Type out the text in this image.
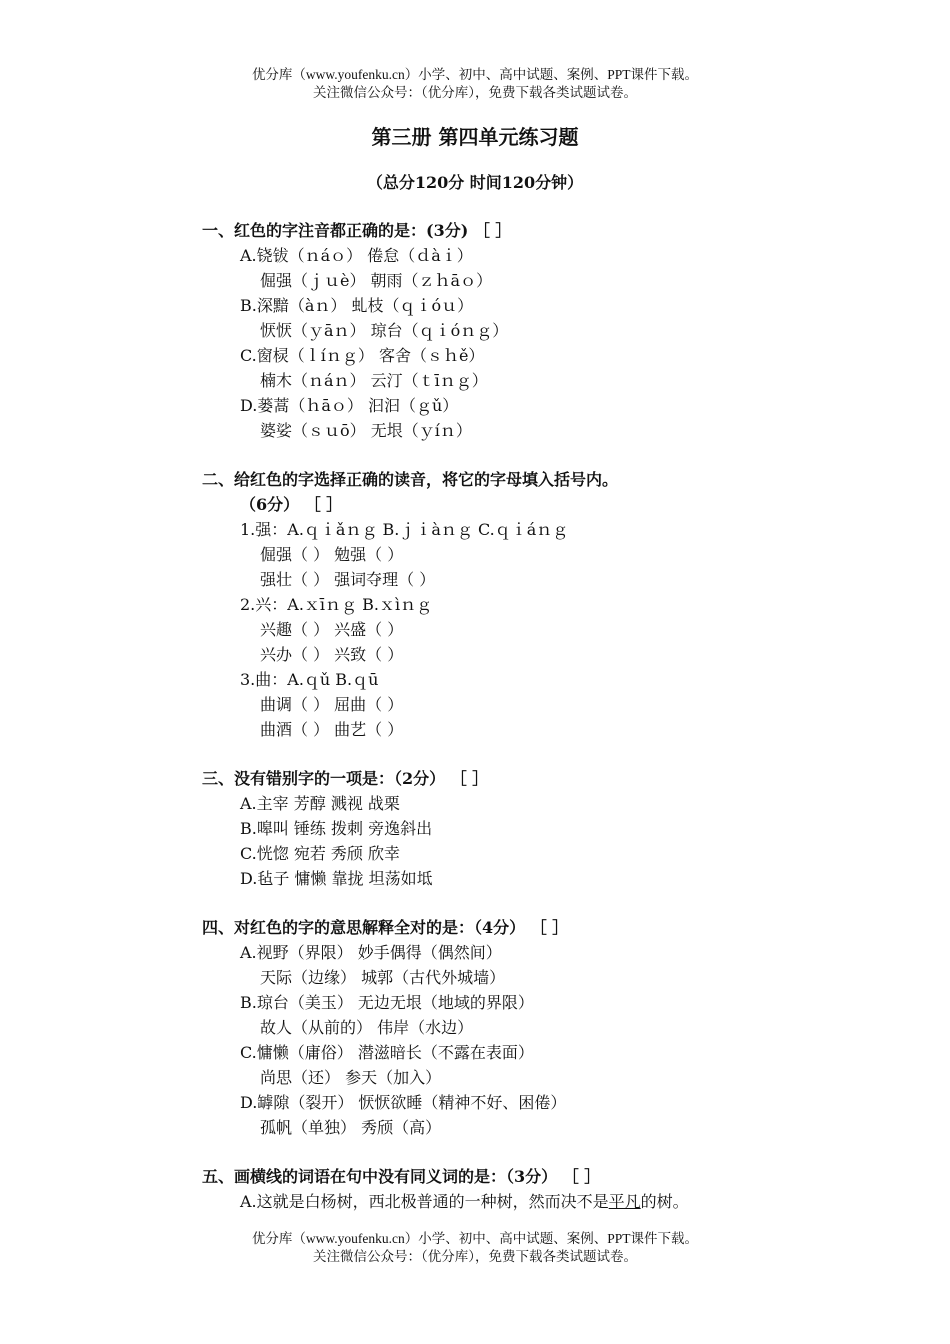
优分库（www.youfenku.cn）小学、初中、高中试题、案例、PPT课件下载。
关注微信公众号：（优分库），免费下载各类试题试卷。
第三册 第四单元练习题
（总分120分 时间120分钟）
一、红色的字注音都正确的是：(3分) ［ ］
A.铙钹（ｎáｏ） 倦怠（ｄàｉ）
倔强（ｊｕè） 朝雨（ｚｈāｏ）
B.深黯（àｎ） 虬枝（ｑｉóｕ）
恹恹（ｙāｎ） 琼台（ｑｉóｎｇ）
C.窗棂（ｌíｎｇ） 客舍（ｓｈě）
楠木（ｎáｎ） 云汀（ｔīｎｇ）
D.蒌蒿（ｈāｏ） 汩汩（ｇǔ）
婆娑（ｓｕō） 无垠（ｙíｎ）
二、给红色的字选择正确的读音，将它的字母填入括号内。
（6分） ［ ］
1.强：A.ｑｉǎｎｇ B.ｊｉàｎｇ C.ｑｉáｎｇ
倔强（ ） 勉强（ ）
强壮（ ） 强词夺理（ ）
2.兴：A.ｘīｎｇ B.ｘìｎｇ
兴趣（ ） 兴盛（ ）
兴办（ ） 兴致（ ）
3.曲：A.ｑǔ B.ｑū
曲调（ ） 屈曲（ ）
曲酒（ ） 曲艺（ ）
三、没有错别字的一项是：（2分） ［ ］
A.主宰 芳醇 溅视 战栗
B.嗥叫 锤练 拨刺 旁逸斜出
C.恍惚 宛若 秀颀 欣幸
D.毡子 慵懒 靠拢 坦荡如坻
四、对红色的字的意思解释全对的是：（4分） ［ ］
A.视野（界限） 妙手偶得（偶然间）
天际（边缘） 城郭（古代外城墙）
B.琼台（美玉） 无边无垠（地域的界限）
故人（从前的） 伟岸（水边）
C.慵懒（庸俗） 潜滋暗长（不露在表面）
尚思（还） 参天（加入）
D.罅隙（裂开） 恹恹欲睡（精神不好、困倦）
孤帆（单独） 秀颀（高）
五、画横线的词语在句中没有同义词的是：（3分） ［ ］
A.这就是白杨树，西北极普通的一种树，然而决不是平凡的树。
优分库（www.youfenku.cn）小学、初中、高中试题、案例、PPT课件下载。
关注微信公众号：（优分库），免费下载各类试题试卷。
